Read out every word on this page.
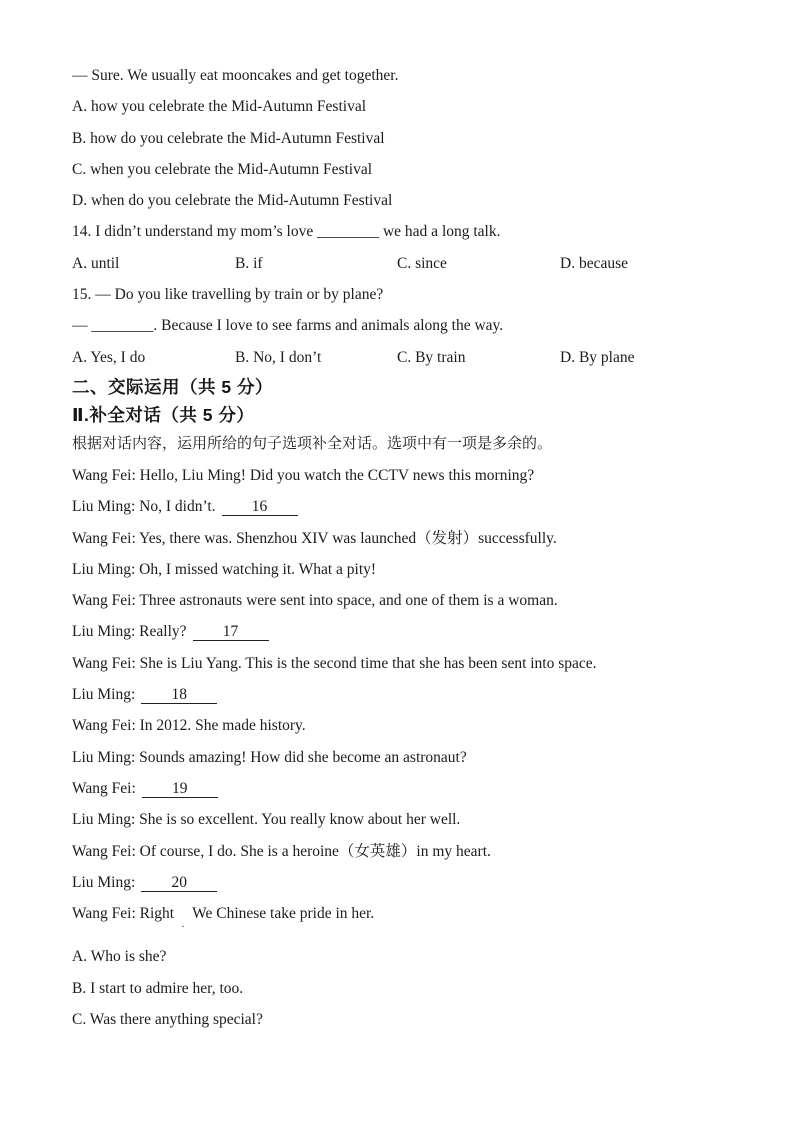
— Sure. We usually eat mooncakes and get together.
A. how you celebrate the Mid-Autumn Festival
B. how do you celebrate the Mid-Autumn Festival
C. when you celebrate the Mid-Autumn Festival
D. when do you celebrate the Mid-Autumn Festival
14. I didn’t understand my mom’s love ________ we had a long talk.
A. until	B. if	C. since	D. because
15. — Do you like travelling by train or by plane?
— ________. Because I love to see farms and animals along the way.
A. Yes, I do	B. No, I don’t	C. By train	D. By plane
二、交际运用（共 5 分）
Ⅱ.补全对话（共 5 分）
根据对话内容，运用所给的句子选项补全对话。选项中有一项是多余的。
Wang Fei: Hello, Liu Ming! Did you watch the CCTV news this morning?
Liu Ming: No, I didn’t. 16
Wang Fei: Yes, there was. Shenzhou XIV was launched（发射）successfully.
Liu Ming: Oh, I missed watching it. What a pity!
Wang Fei: Three astronauts were sent into space, and one of them is a woman.
Liu Ming: Really? 17
Wang Fei: She is Liu Yang. This is the second time that she has been sent into space.
Liu Ming: 18
Wang Fei: In 2012. She made history.
Liu Ming: Sounds amazing! How did she become an astronaut?
Wang Fei: 19
Liu Ming: She is so excellent. You really know about her well.
Wang Fei: Of course, I do. She is a heroine（女英雄）in my heart.
Liu Ming: 20
Wang Fei: Right.We Chinese take pride in her.
A. Who is she?
B. I start to admire her, too.
C. Was there anything special?
